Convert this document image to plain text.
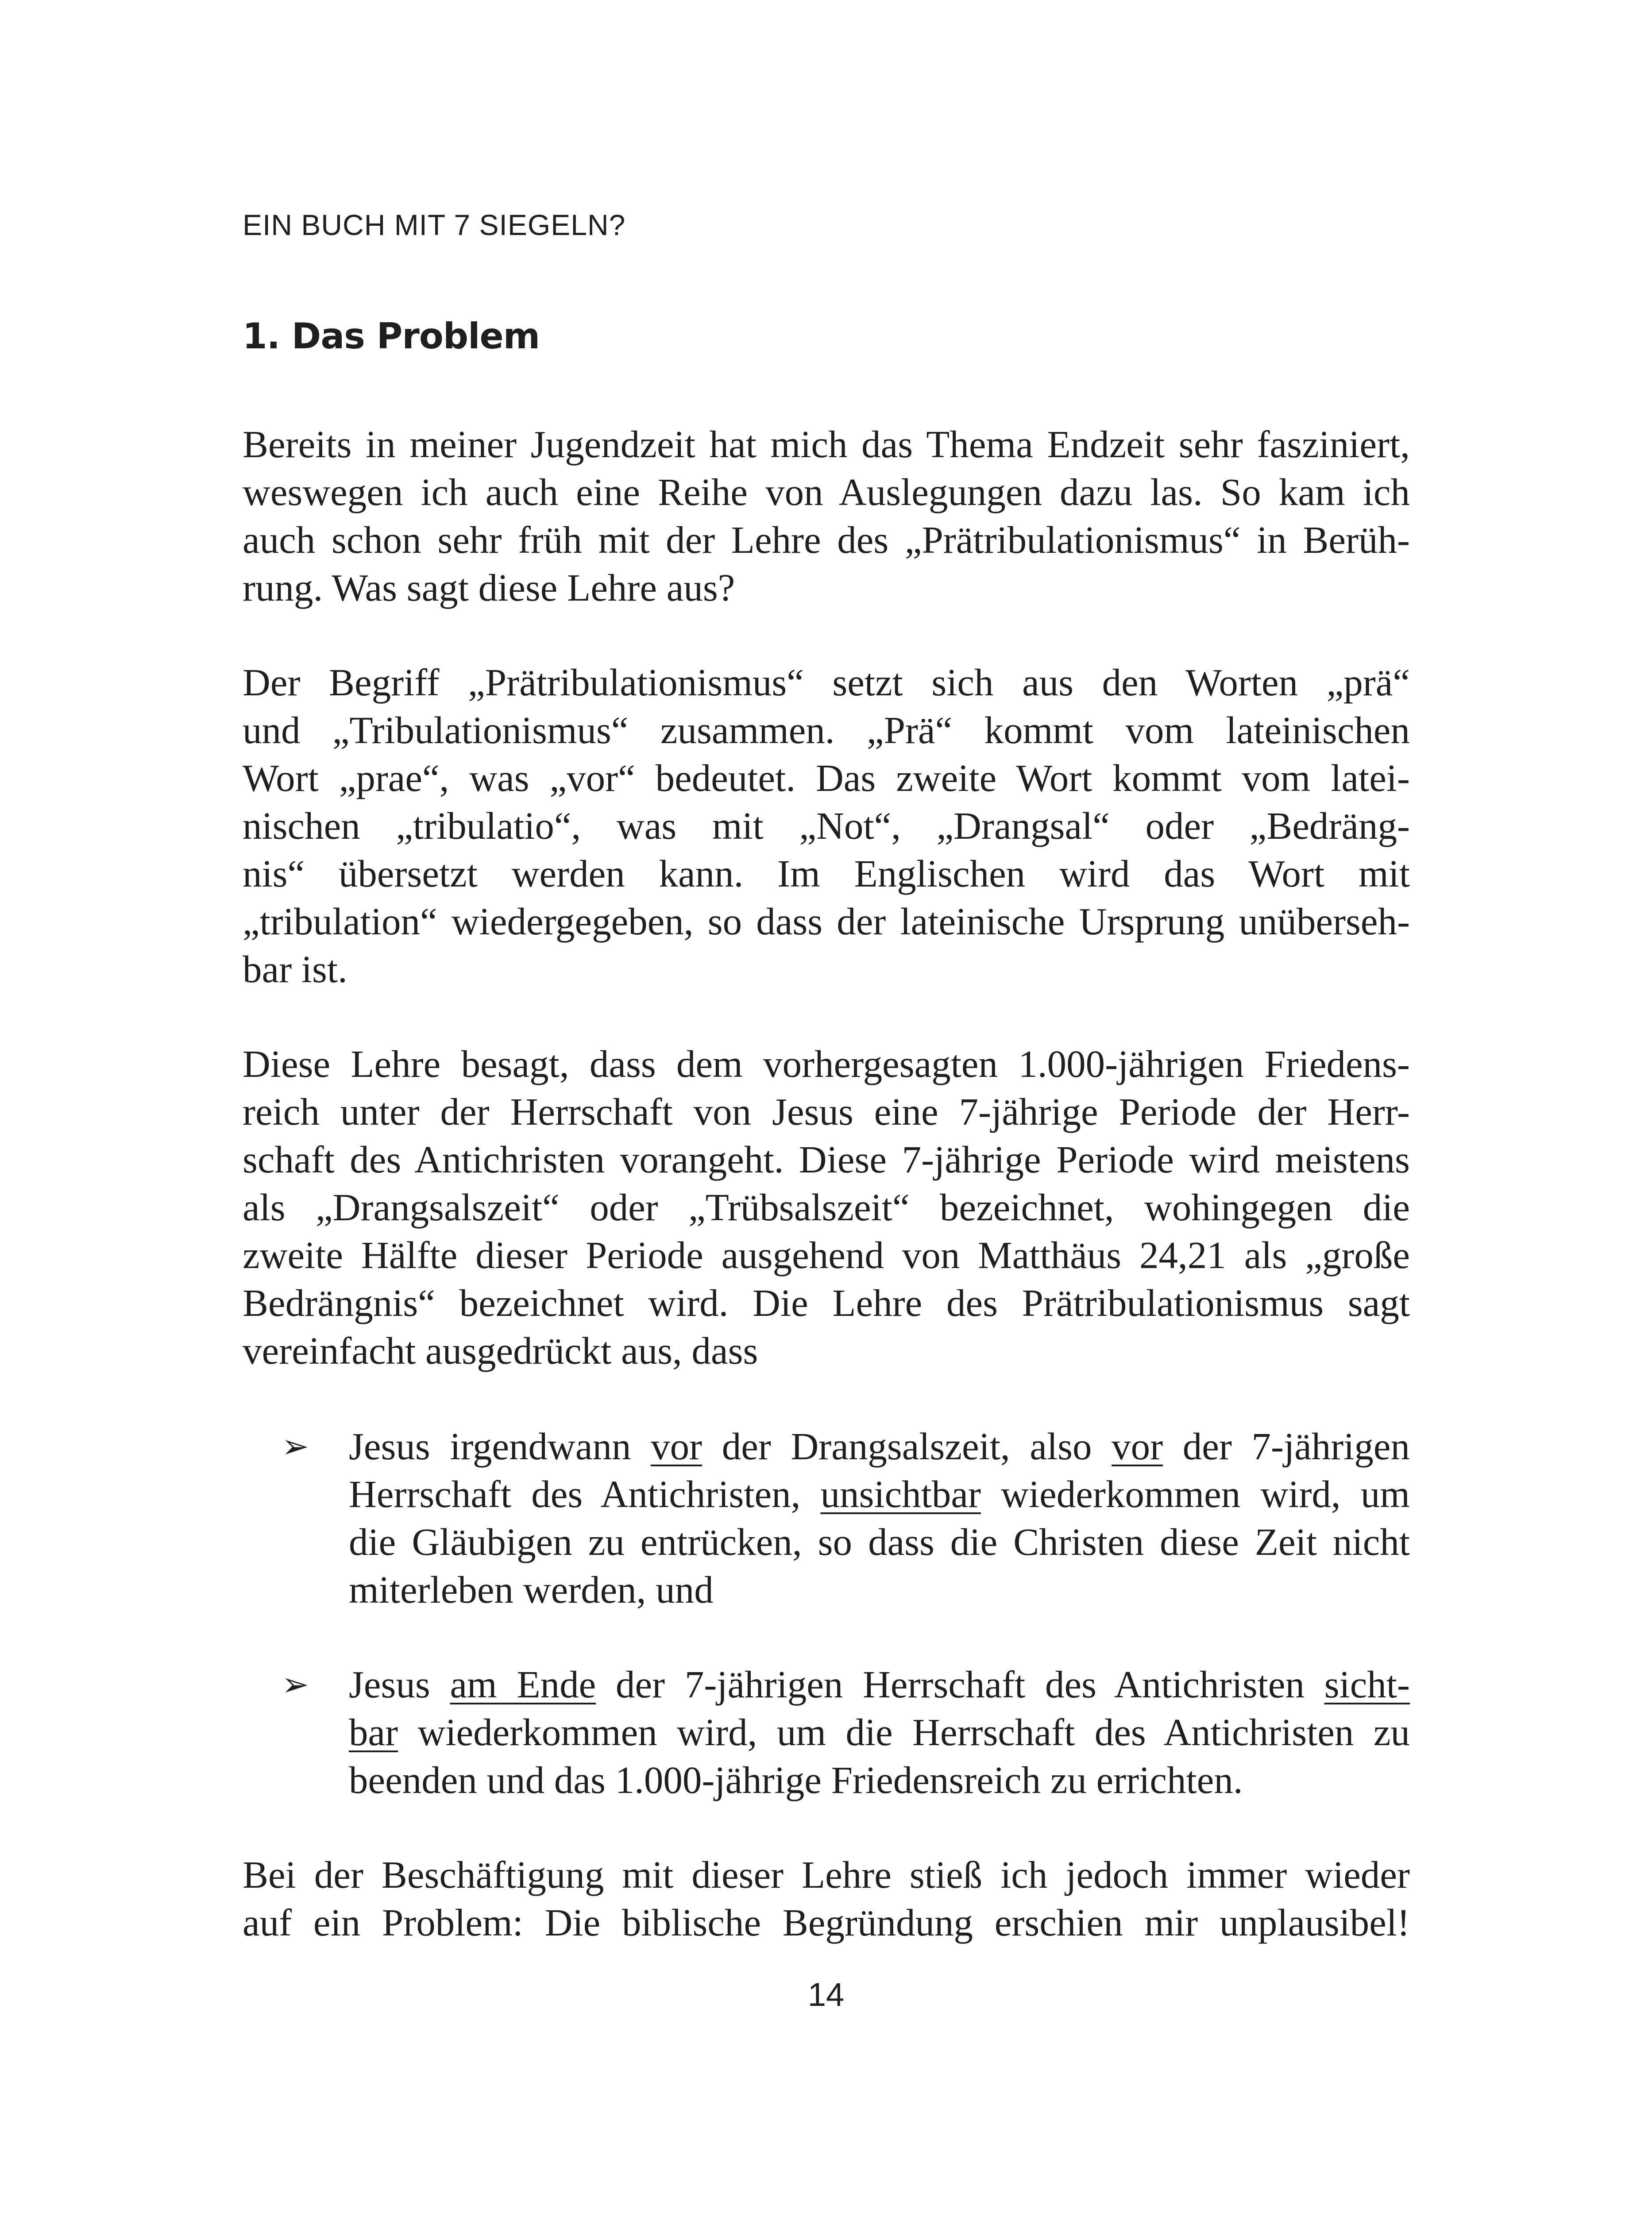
EIN BUCH MIT 7 SIEGELN?
1. Das Problem
Bereits in meiner Jugendzeit hat mich das Thema Endzeit sehr fasziniert,
weswegen ich auch eine Reihe von Auslegungen dazu las. So kam ich
auch schon sehr früh mit der Lehre des „Prätribulationismus“ in Berüh-
rung. Was sagt diese Lehre aus?
Der Begriff „Prätribulationismus“ setzt sich aus den Worten „prä“
und „Tribulationismus“ zusammen. „Prä“ kommt vom lateinischen
Wort „prae“, was „vor“ bedeutet. Das zweite Wort kommt vom latei-
nischen „tribulatio“, was mit „Not“, „Drangsal“ oder „Bedräng-
nis“ übersetzt werden kann. Im Englischen wird das Wort mit
„tribulation“ wiedergegeben, so dass der lateinische Ursprung unüberseh-
bar ist.
Diese Lehre besagt, dass dem vorhergesagten 1.000-jährigen Friedens-
reich unter der Herrschaft von Jesus eine 7-jährige Periode der Herr-
schaft des Antichristen vorangeht. Diese 7-jährige Periode wird meistens
als „Drangsalszeit“ oder „Trübsalszeit“ bezeichnet, wohingegen die
zweite Hälfte dieser Periode ausgehend von Matthäus 24,21 als „große
Bedrängnis“ bezeichnet wird. Die Lehre des Prätribulationismus sagt
vereinfacht ausgedrückt aus, dass
➢ Jesus irgendwann vor der Drangsalszeit, also vor der 7-jährigen
Herrschaft des Antichristen, unsichtbar wiederkommen wird, um
die Gläubigen zu entrücken, so dass die Christen diese Zeit nicht
miterleben werden, und
➢ Jesus am Ende der 7-jährigen Herrschaft des Antichristen sicht-
bar wiederkommen wird, um die Herrschaft des Antichristen zu
beenden und das 1.000-jährige Friedensreich zu errichten.
Bei der Beschäftigung mit dieser Lehre stieß ich jedoch immer wieder
auf ein Problem: Die biblische Begründung erschien mir unplausibel!
14
